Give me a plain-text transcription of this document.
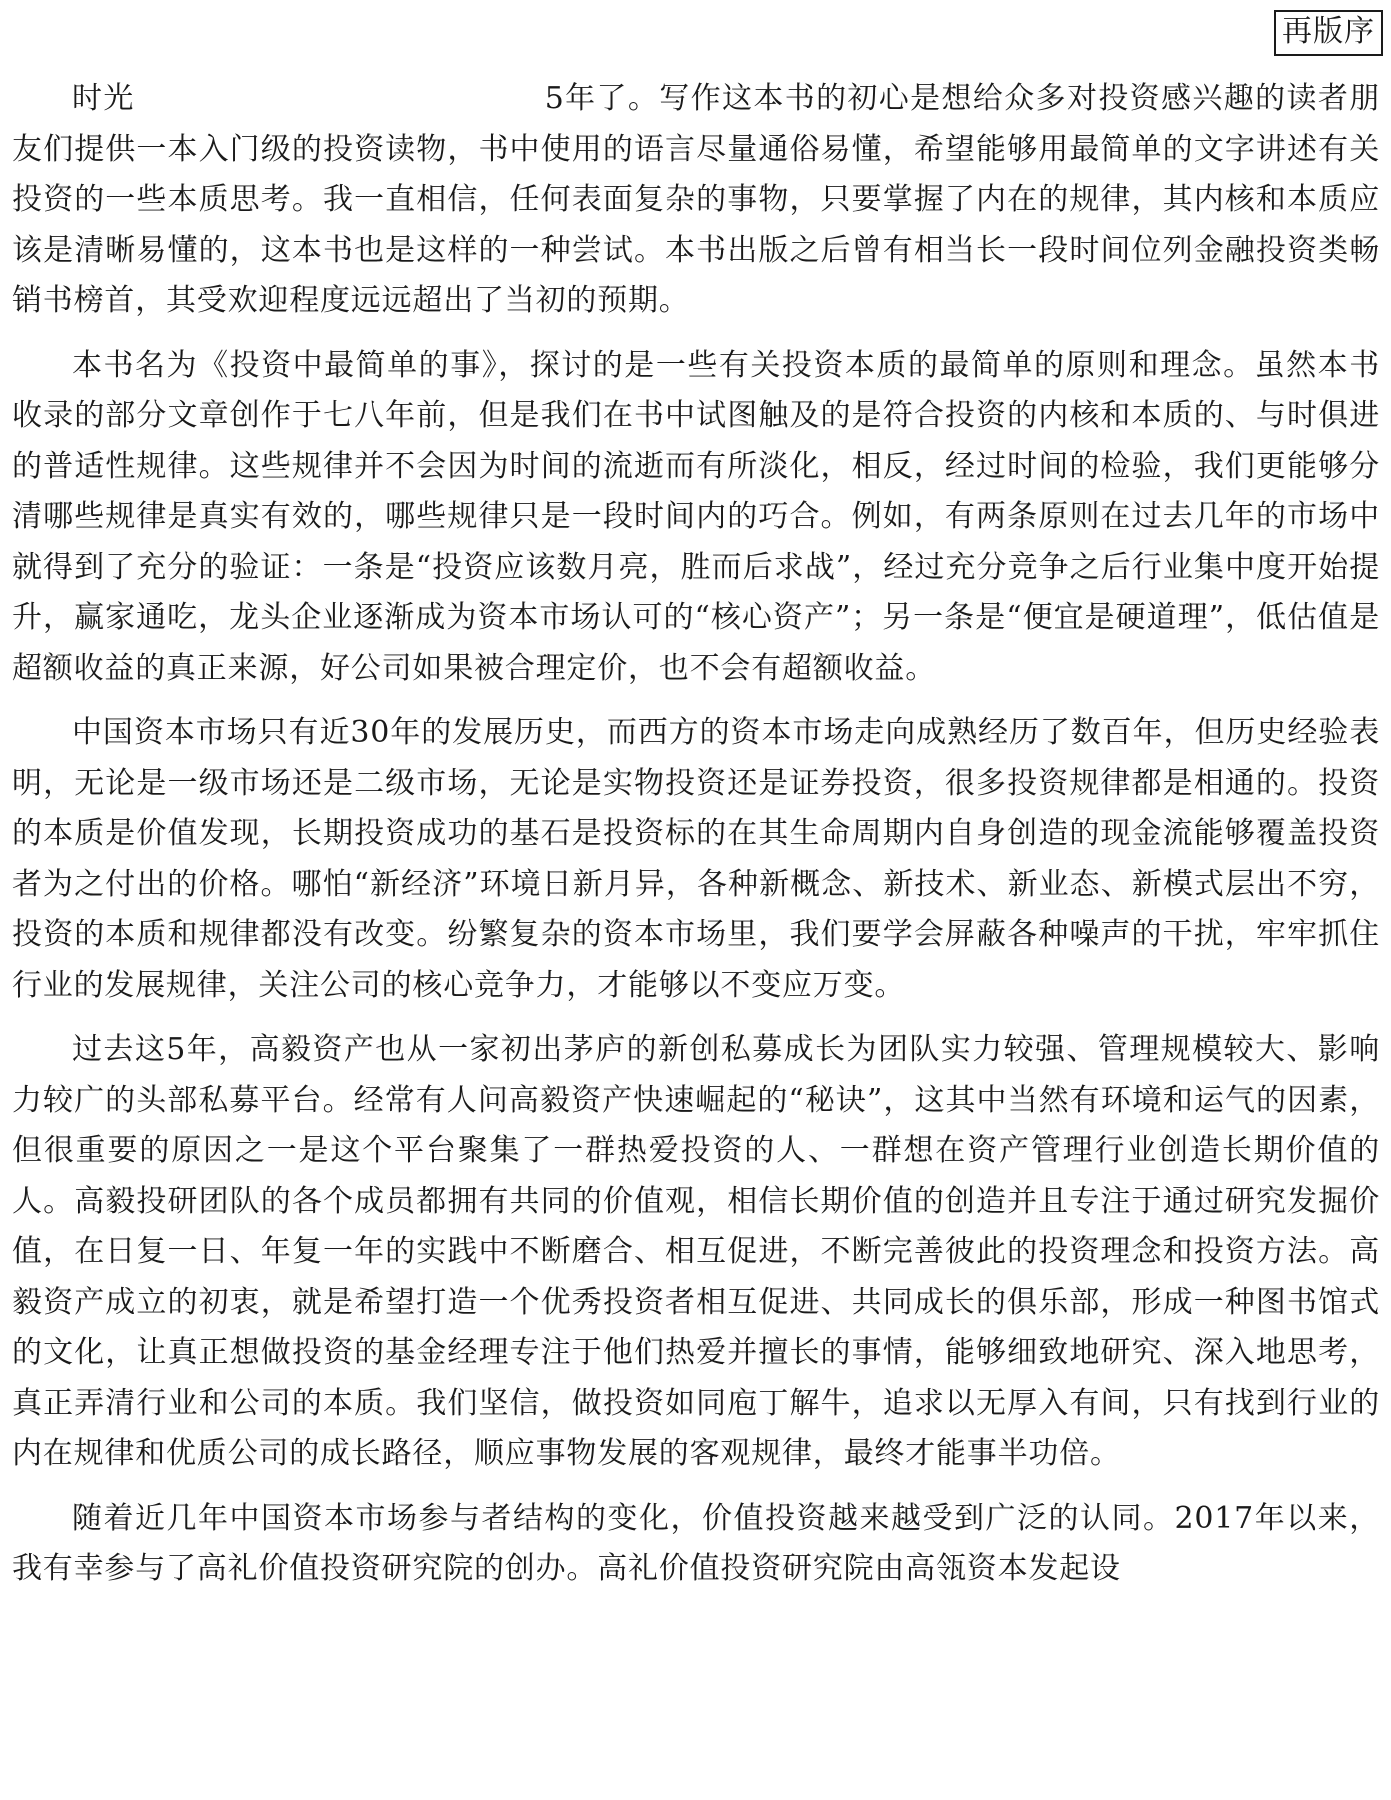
再版序

时光	5年了。写作这本书的初心是想给众多对投资感兴趣的读者朋友们提供一本入门级的投资读物，书中使用的语言尽量通俗易懂，希望能够用最简单的文字讲述有关投资的一些本质思考。我一直相信，任何表面复杂的事物，只要掌握了内在的规律，其内核和本质应该是清晰易懂的，这本书也是这样的一种尝试。本书出版之后曾有相当长一段时间位列金融投资类畅销书榜首，其受欢迎程度远远超出了当初的预期。

本书名为《投资中最简单的事》，探讨的是一些有关投资本质的最简单的原则和理念。虽然本书收录的部分文章创作于七八年前，但是我们在书中试图触及的是符合投资的内核和本质的、与时俱进的普适性规律。这些规律并不会因为时间的流逝而有所淡化，相反，经过时间的检验，我们更能够分清哪些规律是真实有效的，哪些规律只是一段时间内的巧合。例如，有两条原则在过去几年的市场中就得到了充分的验证：一条是“投资应该数月亮，胜而后求战”，经过充分竞争之后行业集中度开始提升，赢家通吃，龙头企业逐渐成为资本市场认可的“核心资产”；另一条是“便宜是硬道理”，低估值是超额收益的真正来源，好公司如果被合理定价，也不会有超额收益。

中国资本市场只有近30年的发展历史，而西方的资本市场走向成熟经历了数百年，但历史经验表明，无论是一级市场还是二级市场，无论是实物投资还是证券投资，很多投资规律都是相通的。投资的本质是价值发现，长期投资成功的基石是投资标的在其生命周期内自身创造的现金流能够覆盖投资者为之付出的价格。哪怕“新经济”环境日新月异，各种新概念、新技术、新业态、新模式层出不穷，投资的本质和规律都没有改变。纷繁复杂的资本市场里，我们要学会屏蔽各种噪声的干扰，牢牢抓住行业的发展规律，关注公司的核心竞争力，才能够以不变应万变。

过去这5年，高毅资产也从一家初出茅庐的新创私募成长为团队实力较强、管理规模较大、影响力较广的头部私募平台。经常有人问高毅资产快速崛起的“秘诀”，这其中当然有环境和运气的因素，但很重要的原因之一是这个平台聚集了一群热爱投资的人、一群想在资产管理行业创造长期价值的人。高毅投研团队的各个成员都拥有共同的价值观，相信长期价值的创造并且专注于通过研究发掘价值，在日复一日、年复一年的实践中不断磨合、相互促进，不断完善彼此的投资理念和投资方法。高毅资产成立的初衷，就是希望打造一个优秀投资者相互促进、共同成长的俱乐部，形成一种图书馆式的文化，让真正想做投资的基金经理专注于他们热爱并擅长的事情，能够细致地研究、深入地思考，真正弄清行业和公司的本质。我们坚信，做投资如同庖丁解牛，追求以无厚入有间，只有找到行业的内在规律和优质公司的成长路径，顺应事物发展的客观规律，最终才能事半功倍。

随着近几年中国资本市场参与者结构的变化，价值投资越来越受到广泛的认同。2017年以来，我有幸参与了高礼价值投资研究院的创办。高礼价值投资研究院由高瓴资本发起设
